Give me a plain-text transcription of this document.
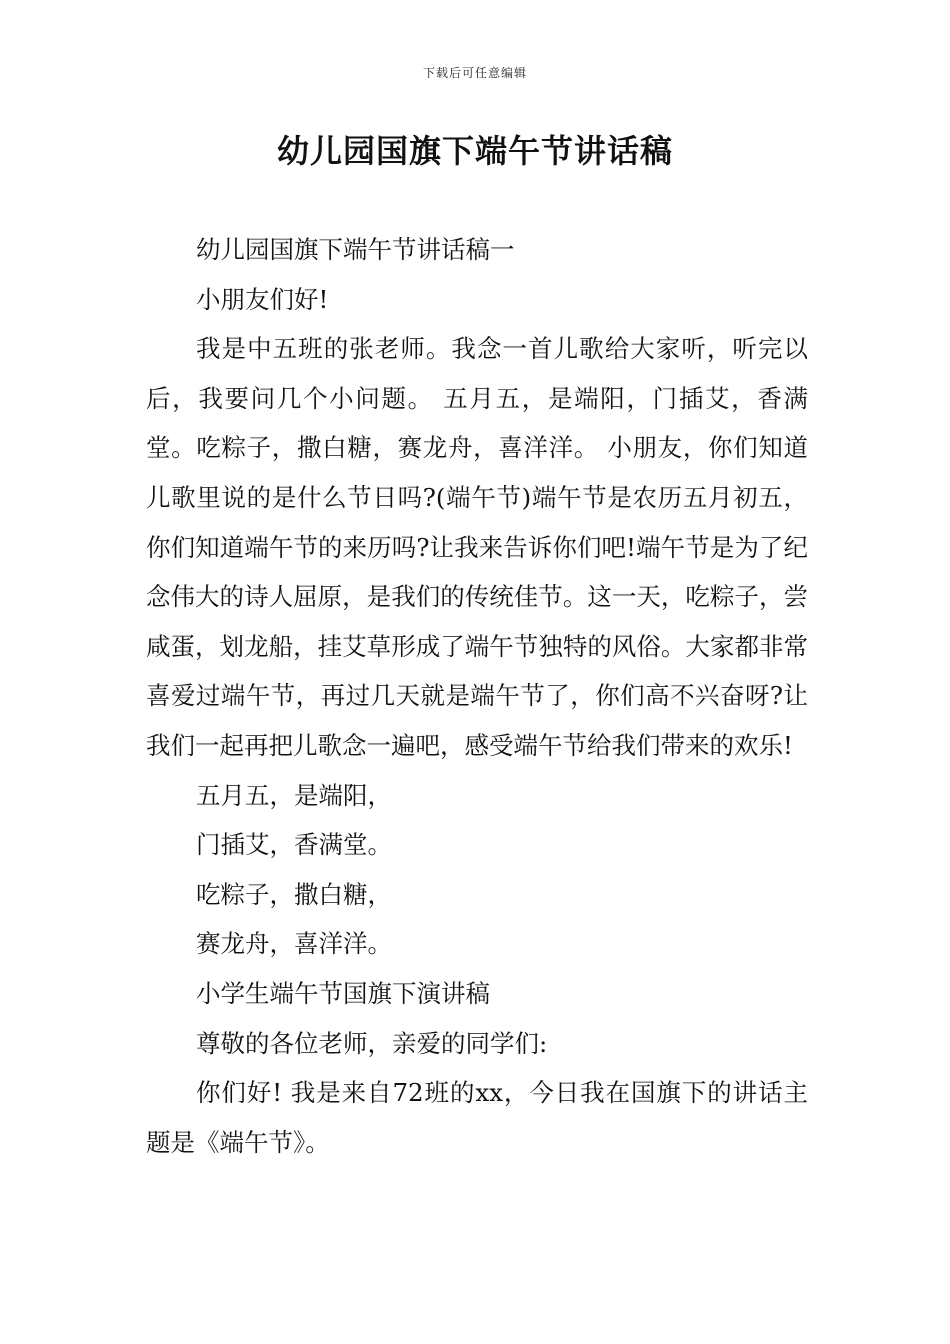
下载后可任意编辑
幼儿园国旗下端午节讲话稿

幼儿园国旗下端午节讲话稿一

小朋友们好!

我是中五班的张老师。我念一首儿歌给大家听，听完以后，我要问几个小问题。 五月五，是端阳，门插艾，香满堂。吃粽子，撒白糖，赛龙舟，喜洋洋。 小朋友，你们知道儿歌里说的是什么节日吗?(端午节)端午节是农历五月初五，你们知道端午节的来历吗?让我来告诉你们吧!端午节是为了纪念伟大的诗人屈原，是我们的传统佳节。这一天，吃粽子，尝咸蛋，划龙船，挂艾草形成了端午节独特的风俗。大家都非常喜爱过端午节，再过几天就是端午节了，你们高不兴奋呀?让我们一起再把儿歌念一遍吧，感受端午节给我们带来的欢乐!

五月五，是端阳，

门插艾，香满堂。

吃粽子，撒白糖，

赛龙舟，喜洋洋。

小学生端午节国旗下演讲稿

尊敬的各位老师，亲爱的同学们:

你们好! 我是来自72班的xx，今日我在国旗下的讲话主题是《端午节》。
